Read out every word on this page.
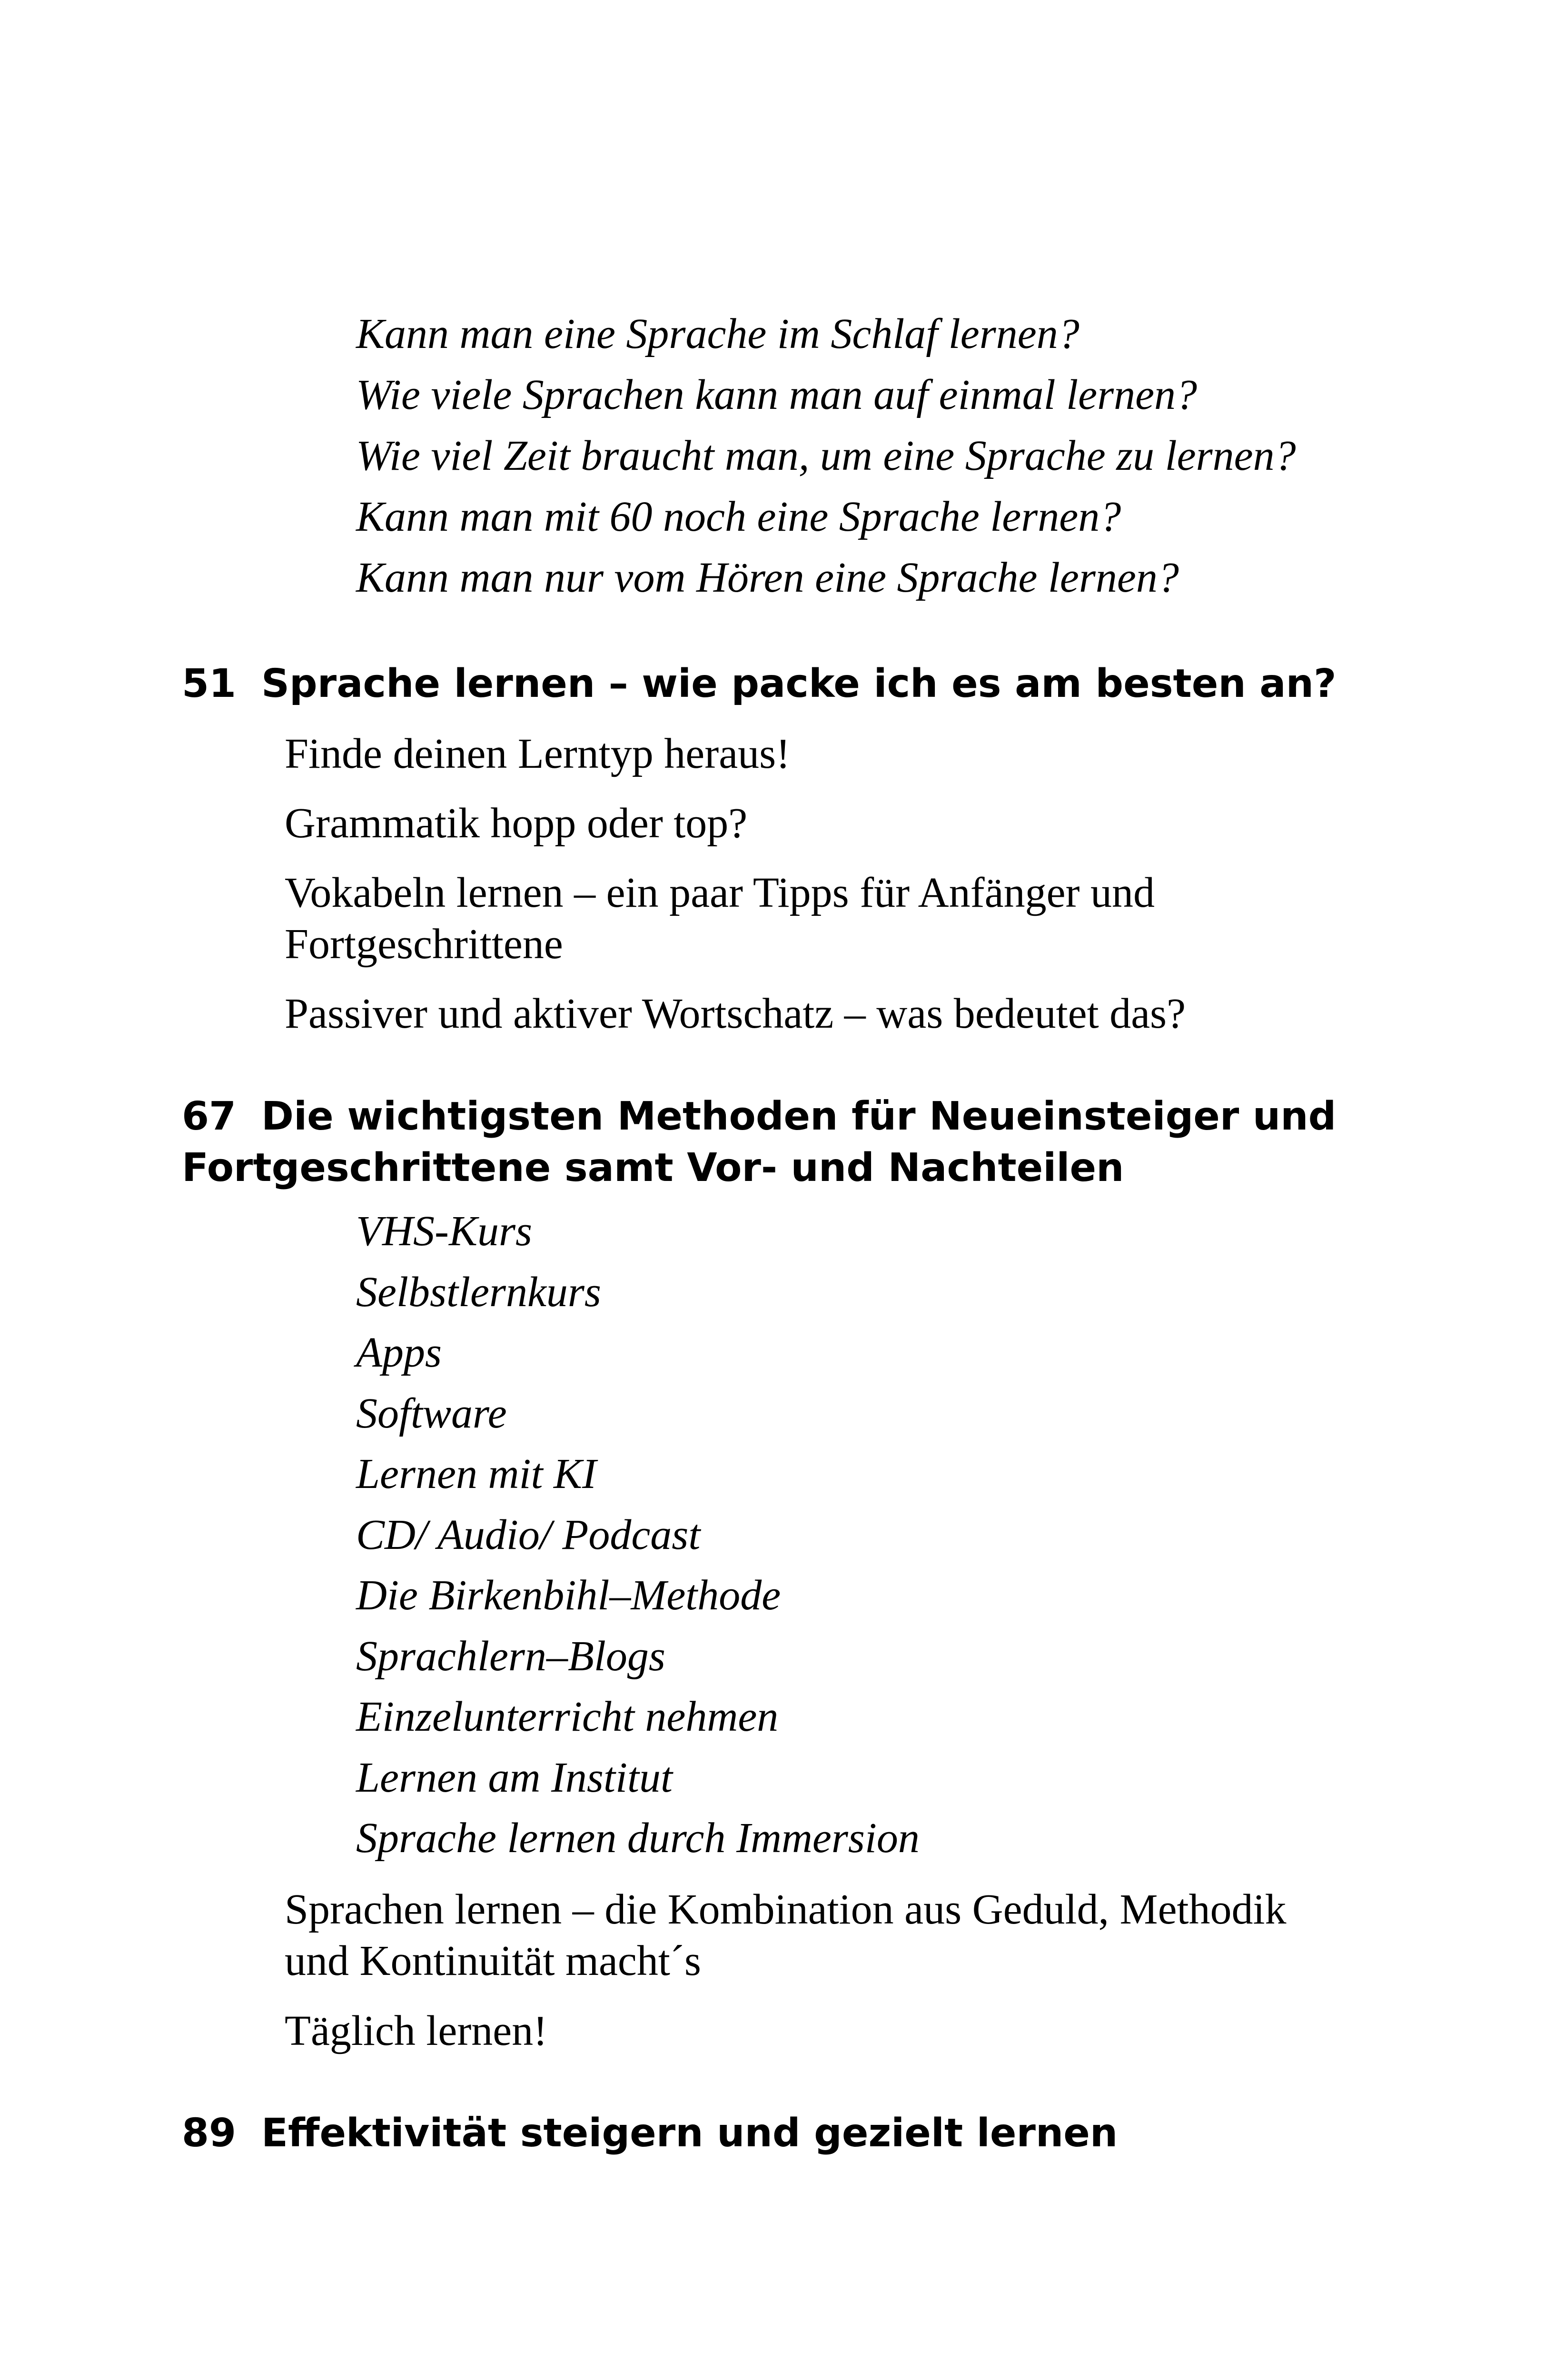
Kann man eine Sprache im Schlaf lernen?
Wie viele Sprachen kann man auf einmal lernen?
Wie viel Zeit braucht man, um eine Sprache zu lernen?
Kann man mit 60 noch eine Sprache lernen?
Kann man nur vom Hören eine Sprache lernen?
51 Sprache lernen – wie packe ich es am besten an?
Finde deinen Lerntyp heraus!
Grammatik hopp oder top?
Vokabeln lernen – ein paar Tipps für Anfänger und
Fortgeschrittene
Passiver und aktiver Wortschatz – was bedeutet das?
67 Die wichtigsten Methoden für Neueinsteiger und
Fortgeschrittene samt Vor- und Nachteilen
VHS-Kurs
Selbstlernkurs
Apps
Software
Lernen mit KI
CD/ Audio/ Podcast
Die Birkenbihl–Methode
Sprachlern–Blogs
Einzelunterricht nehmen
Lernen am Institut
Sprache lernen durch Immersion
Sprachen lernen – die Kombination aus Geduld, Methodik
und Kontinuität macht´s
Täglich lernen!
89 Effektivität steigern und gezielt lernen
